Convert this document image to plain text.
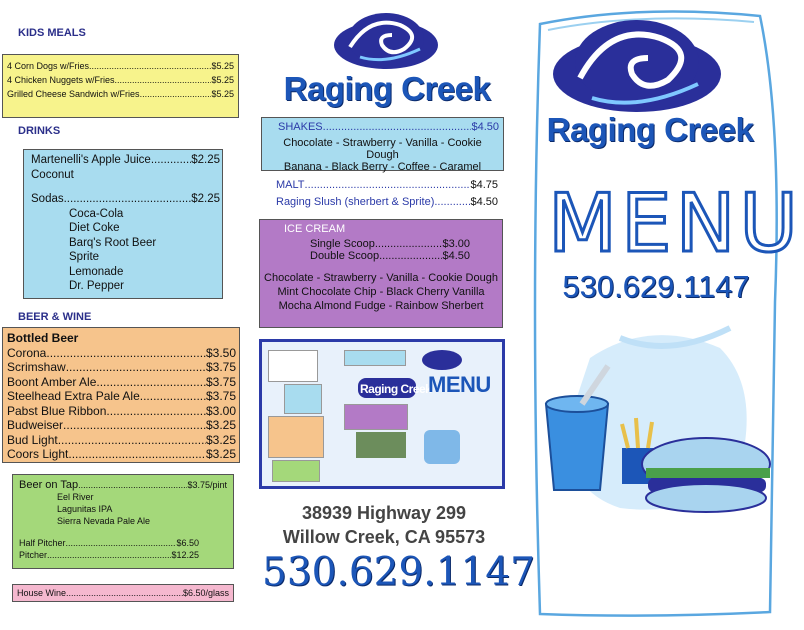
KIDS MEALS
4 Corn Dogs w/Fries .....	$5.25
4 Chicken Nuggets w/Fries .....	$5.25
Grilled Cheese Sandwich w/Fries .....	$5.25
DRINKS
Martenelli's Apple Juice .....	$2.25
Coconut
Sodas .....	$2.25
Coca-Cola
Diet Coke
Barq's Root Beer
Sprite
Lemonade
Dr. Pepper
BEER & WINE
Bottled Beer
Corona .....	$3.50
Scrimshaw .....	$3.75
Boont Amber Ale .....	$3.75
Steelhead Extra Pale Ale .....	$3.75
Pabst Blue Ribbon .....	$3.00
Budweiser .....	$3.25
Bud Light .....	$3.25
Coors Light .....	$3.25
Beer on Tap .....	$3.75/pint
Eel River
Lagunitas IPA
Sierra Nevada Pale Ale
Half Pitcher .....	$6.50
Pitcher .....	$12.25
House Wine .....	$6.50/glass
Raging Creek
SHAKES .....	$4.50
Chocolate - Strawberry - Vanilla - Cookie Dough
Banana - Black Berry - Coffee - Caramel
MALT .....	$4.75
Raging Slush (sherbert & Sprite) .....	$4.50
ICE CREAM
Single Scoop .....	$3.00
Double Scoop .....	$4.50
Chocolate - Strawberry - Vanilla - Cookie Dough
Mint Chocolate Chip - Black Cherry Vanilla
Mocha Almond Fudge - Rainbow Sherbert
Raging Creek
MENU
38939 Highway 299
Willow Creek, CA 95573
530.629.1147
Raging Creek
MENU
530.629.1147
